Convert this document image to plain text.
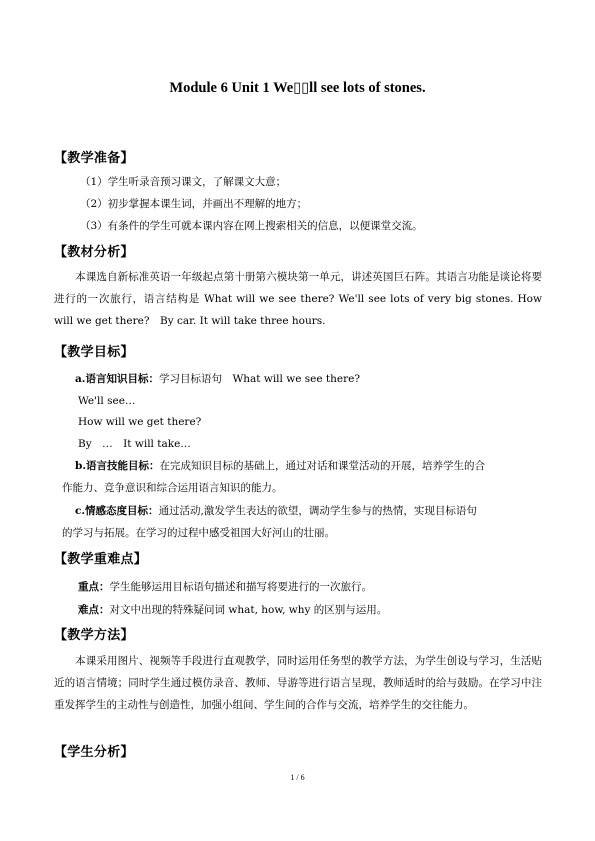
Module 6 Unit 1 We▯▯ll see lots of stones.
【教学准备】
（1）学生听录音预习课文，了解课文大意；
（2）初步掌握本课生词，并画出不理解的地方；
（3）有条件的学生可就本课内容在网上搜索相关的信息，以便课堂交流。
【教材分析】
本课选自新标准英语一年级起点第十册第六模块第一单元，讲述英国巨石阵。其语言功能是谈论将要进行的一次旅行，语言结构是 What will we see there? We'll see lots of very big stones. How will we get there?　By car. It will take three hours.
【教学目标】
a.语言知识目标：学习目标语句　What will we see there?
We'll see…
How will we get there?
By　…　It will take…
b.语言技能目标：在完成知识目标的基础上，通过对话和课堂活动的开展，培养学生的合
作能力、竞争意识和综合运用语言知识的能力。
c.情感态度目标：通过活动,激发学生表达的欲望，调动学生参与的热情，实现目标语句
的学习与拓展。在学习的过程中感受祖国大好河山的壮丽。
【教学重难点】
重点：学生能够运用目标语句描述和描写将要进行的一次旅行。
难点：对文中出现的特殊疑问词 what, how, why 的区别与运用。
【教学方法】
本课采用图片、视频等手段进行直观教学，同时运用任务型的教学方法，为学生创设与学习，生活贴近的语言情境；同时学生通过模仿录音、教师、导游等进行语言呈现，教师适时的给与鼓励。在学习中注重发挥学生的主动性与创造性，加强小组间、学生间的合作与交流，培养学生的交往能力。
【学生分析】
1 / 6
